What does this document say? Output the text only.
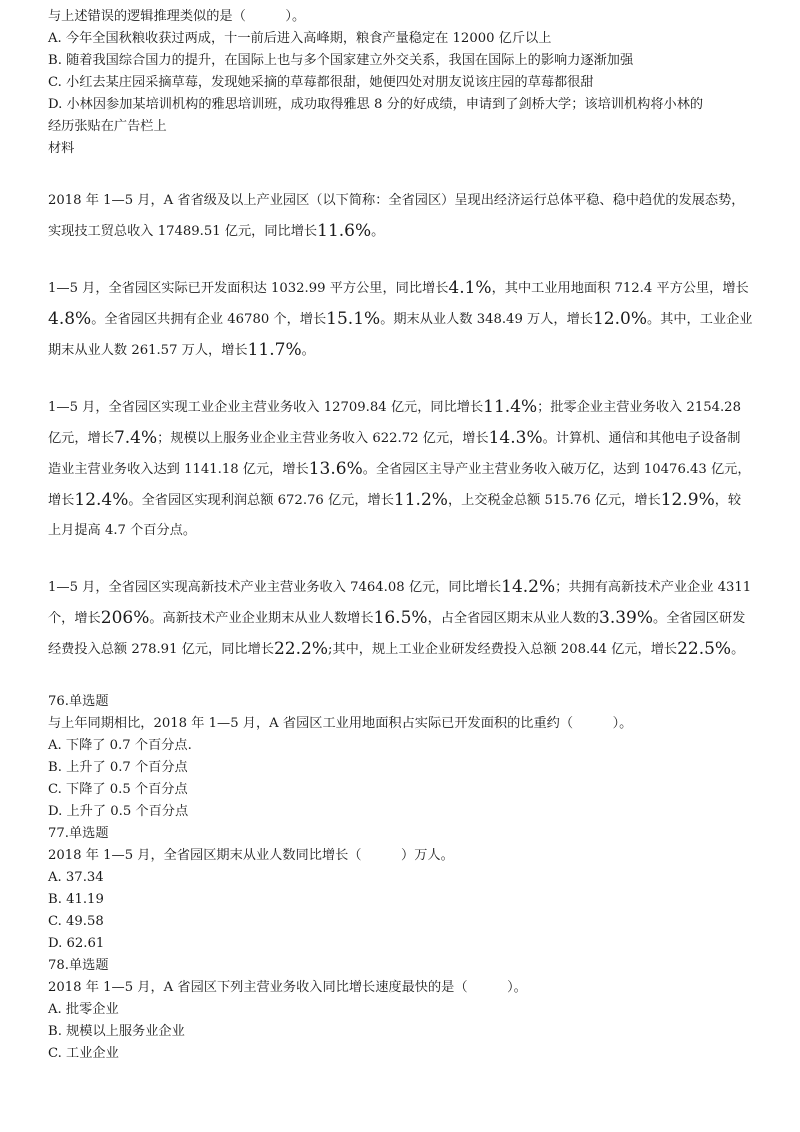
与上述错误的逻辑推理类似的是（　　　）。
A. 今年全国秋粮收获过两成，十一前后进入高峰期，粮食产量稳定在 12000 亿斤以上
B. 随着我国综合国力的提升，在国际上也与多个国家建立外交关系，我国在国际上的影响力逐渐加强
C. 小红去某庄园采摘草莓，发现她采摘的草莓都很甜，她便四处对朋友说该庄园的草莓都很甜
D. 小林因参加某培训机构的雅思培训班，成功取得雅思 8 分的好成绩，申请到了剑桥大学；该培训机构将小林的
经历张贴在广告栏上
材料

2018 年 1—5 月，A 省省级及以上产业园区（以下简称：全省园区）呈现出经济运行总体平稳、稳中趋优的发展态势，实现技工贸总收入 17489.51 亿元，同比增长11.6%。

1—5 月，全省园区实际已开发面积达 1032.99 平方公里，同比增长4.1%，其中工业用地面积 712.4 平方公里，增长4.8%。全省园区共拥有企业 46780 个，增长15.1%。期末从业人数 348.49 万人，增长12.0%。其中，工业企业期末从业人数 261.57 万人，增长11.7%。

1—5 月，全省园区实现工业企业主营业务收入 12709.84 亿元，同比增长11.4%；批零企业主营业务收入 2154.28 亿元，增长7.4%；规模以上服务业企业主营业务收入 622.72 亿元，增长14.3%。计算机、通信和其他电子设备制造业主营业务收入达到 1141.18 亿元，增长13.6%。全省园区主导产业主营业务收入破万亿，达到 10476.43 亿元，增长12.4%。全省园区实现利润总额 672.76 亿元，增长11.2%，上交税金总额 515.76 亿元，增长12.9%，较上月提高 4.7 个百分点。

1—5 月，全省园区实现高新技术产业主营业务收入 7464.08 亿元，同比增长14.2%；共拥有高新技术产业企业 4311 个，增长206%。高新技术产业企业期末从业人数增长16.5%，占全省园区期末从业人数的3.39%。全省园区研发经费投入总额 278.91 亿元，同比增长22.2%;其中，规上工业企业研发经费投入总额 208.44 亿元，增长22.5%。

76.单选题
与上年同期相比，2018 年 1—5 月，A 省园区工业用地面积占实际已开发面积的比重约（　　　）。
A. 下降了 0.7 个百分点.
B. 上升了 0.7 个百分点
C. 下降了 0.5 个百分点
D. 上升了 0.5 个百分点
77.单选题
2018 年 1—5 月，全省园区期末从业人数同比增长（　　　）万人。
A. 37.34
B. 41.19
C. 49.58
D. 62.61
78.单选题
2018 年 1—5 月，A 省园区下列主营业务收入同比增长速度最快的是（　　　）。
A. 批零企业
B. 规模以上服务业企业
C. 工业企业
